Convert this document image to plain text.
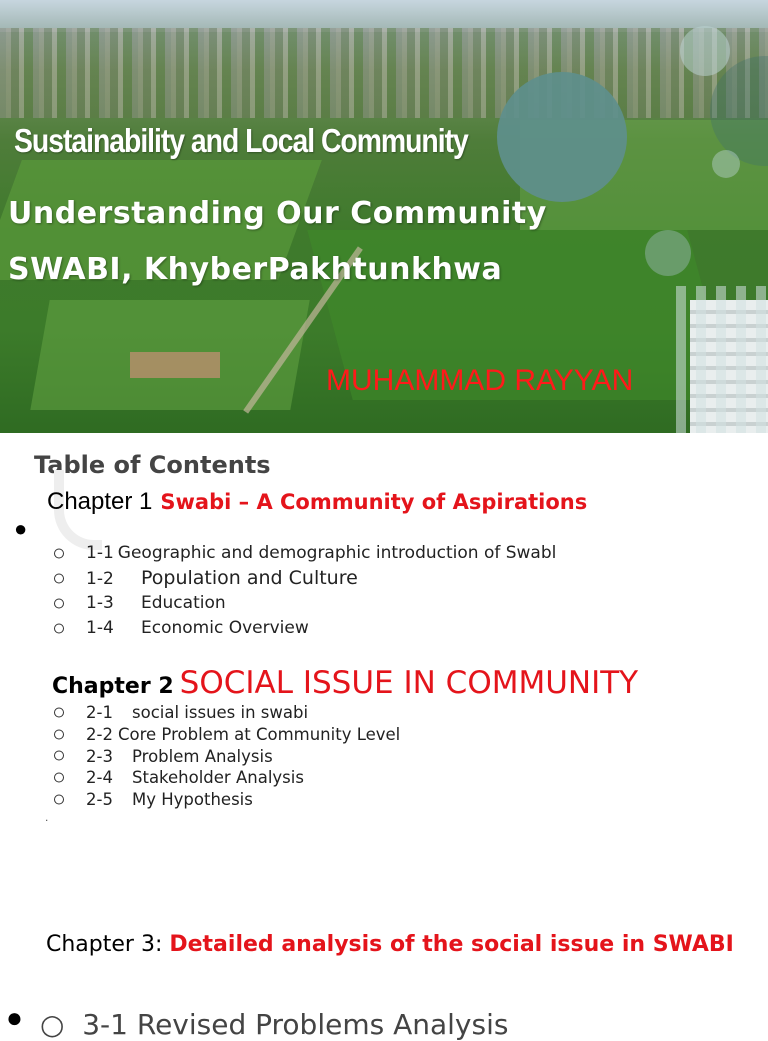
Sustainability and Local Community
Understanding Our Community
SWABI, KhyberPakhtunkhwa

MUHAMMAD RAYYAN

Table of Contents
●

Chapter 1 Swabi – A Community of Aspirations

1-1 Geographic and demographic introduction of Swabl
1-2 Population and Culture
1-3 Education
1-4 Economic Overview

Chapter 2 SOCIAL ISSUE IN COMMUNITY

2-1 social issues in swabi
2-2 Core Problem at Community Level
2-3 Problem Analysis
2-4 Stakeholder Analysis
2-5 My Hypothesis
.

Chapter 3: Detailed analysis of the social issue in SWABI

● ○  3-1 Revised Problems Analysis
